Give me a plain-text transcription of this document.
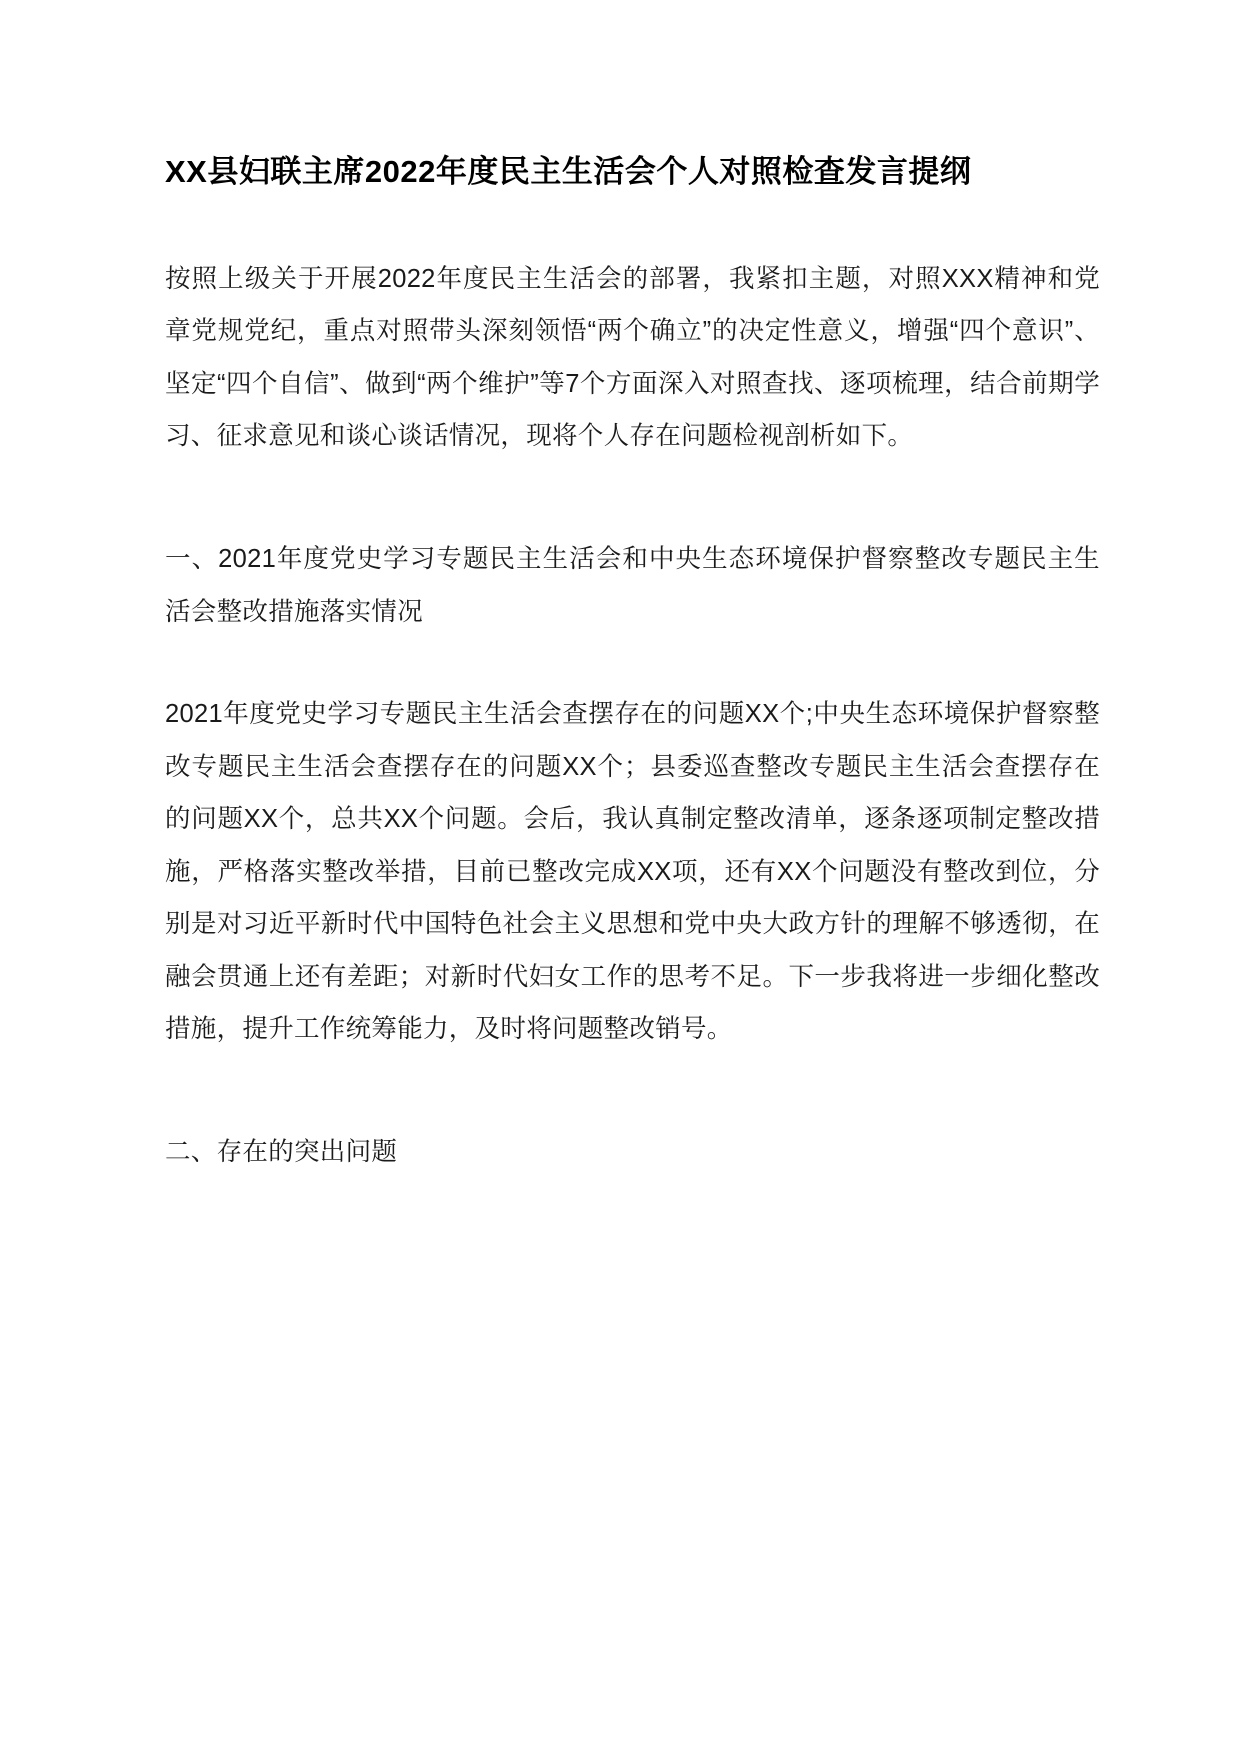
XX县妇联主席2022年度民主生活会个人对照检查发言提纲

按照上级关于开展2022年度民主生活会的部署，我紧扣主题，对照XXX精神和党章党规党纪，重点对照带头深刻领悟“两个确立”的决定性意义，增强“四个意识”、坚定“四个自信”、做到“两个维护”等7个方面深入对照查找、逐项梳理，结合前期学习、征求意见和谈心谈话情况，现将个人存在问题检视剖析如下。

一、2021年度党史学习专题民主生活会和中央生态环境保护督察整改专题民主生活会整改措施落实情况

2021年度党史学习专题民主生活会查摆存在的问题XX个;中央生态环境保护督察整改专题民主生活会查摆存在的问题XX个；县委巡查整改专题民主生活会查摆存在的问题XX个，总共XX个问题。会后，我认真制定整改清单，逐条逐项制定整改措施，严格落实整改举措，目前已整改完成XX项，还有XX个问题没有整改到位，分别是对习近平新时代中国特色社会主义思想和党中央大政方针的理解不够透彻，在融会贯通上还有差距；对新时代妇女工作的思考不足。下一步我将进一步细化整改措施，提升工作统筹能力，及时将问题整改销号。

二、存在的突出问题
